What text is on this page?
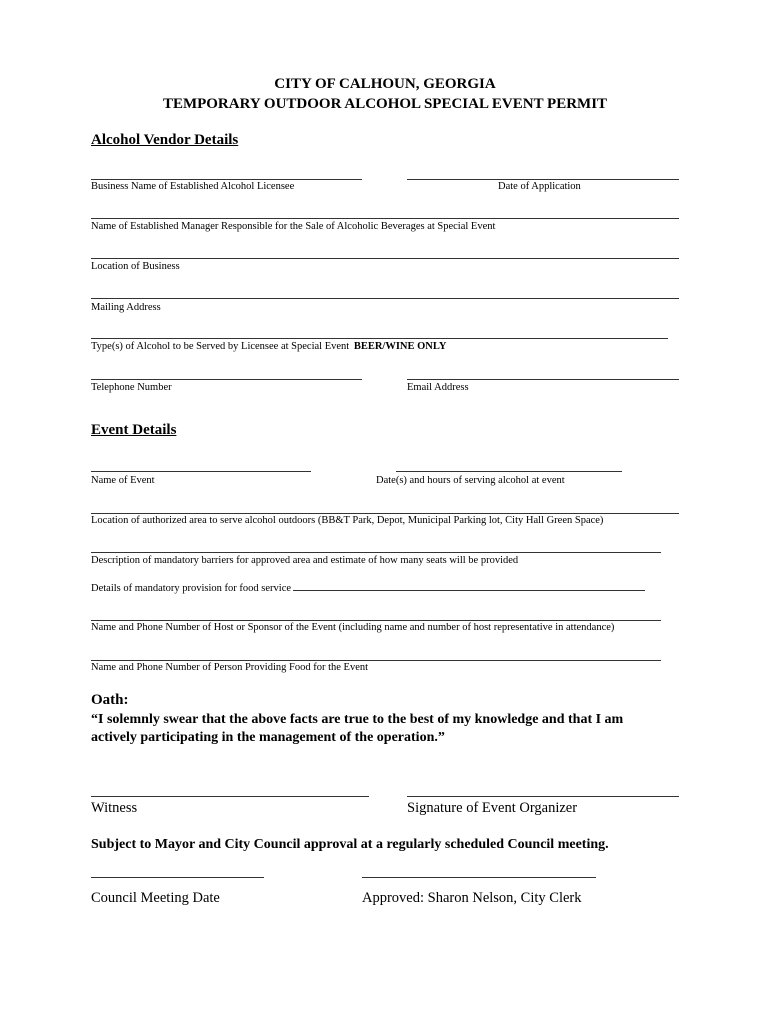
CITY OF CALHOUN, GEORGIA
TEMPORARY OUTDOOR ALCOHOL SPECIAL EVENT PERMIT
Alcohol Vendor Details
Business Name of Established Alcohol Licensee	Date of Application
Name of Established Manager Responsible for the Sale of Alcoholic Beverages at Special Event
Location of Business
Mailing Address
Type(s) of Alcohol to be Served by Licensee at Special Event BEER/WINE ONLY
Telephone Number	Email Address
Event Details
Name of Event	Date(s) and hours of serving alcohol at event
Location of authorized area to serve alcohol outdoors (BB&T Park, Depot, Municipal Parking lot, City Hall Green Space)
Description of mandatory barriers for approved area and estimate of how many seats will be provided
Details of mandatory provision for food service
Name and Phone Number of Host or Sponsor of the Event (including name and number of host representative in attendance)
Name and Phone Number of Person Providing Food for the Event
Oath:
“I solemnly swear that the above facts are true to the best of my knowledge and that I am
actively participating in the management of the operation.”
Witness	Signature of Event Organizer
Subject to Mayor and City Council approval at a regularly scheduled Council meeting.
Council Meeting Date	Approved: Sharon Nelson, City Clerk
